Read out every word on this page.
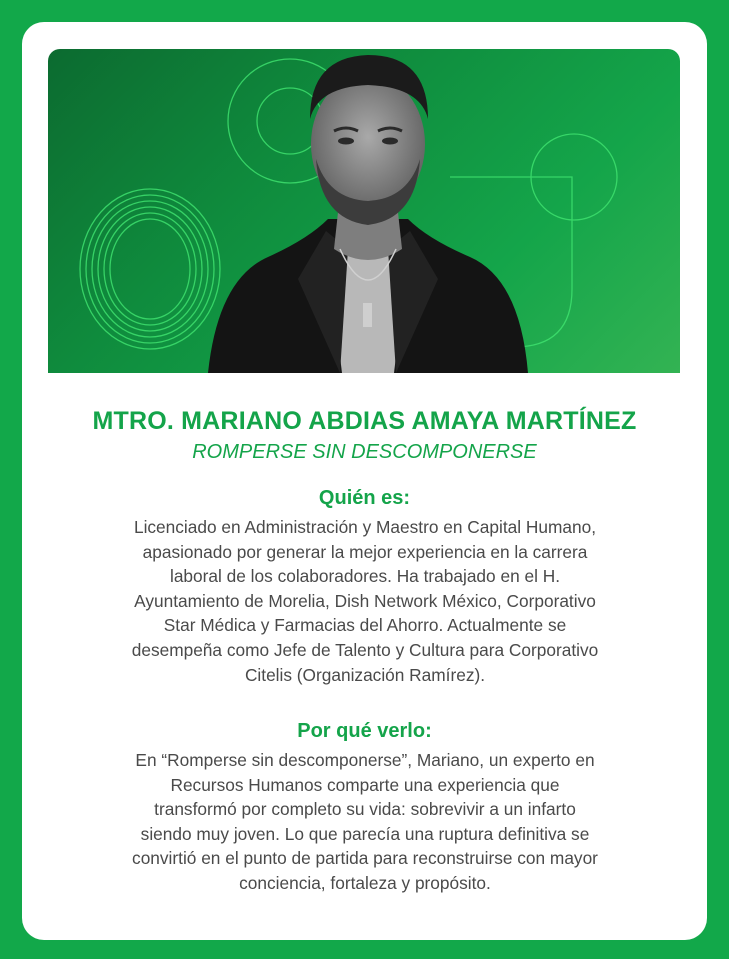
MTRO. MARIANO ABDIAS AMAYA MARTÍNEZ
ROMPERSE SIN DESCOMPONERSE
Quién es:
Licenciado en Administración y Maestro en Capital Humano,
apasionado por generar la mejor experiencia en la carrera
laboral de los colaboradores. Ha trabajado en el H.
Ayuntamiento de Morelia, Dish Network México, Corporativo
Star Médica y Farmacias del Ahorro. Actualmente se
desempeña como Jefe de Talento y Cultura para Corporativo
Citelis (Organización Ramírez).
Por qué verlo:
En “Romperse sin descomponerse”, Mariano, un experto en
Recursos Humanos comparte una experiencia que
transformó por completo su vida: sobrevivir a un infarto
siendo muy joven. Lo que parecía una ruptura definitiva se
convirtió en el punto de partida para reconstruirse con mayor
conciencia, fortaleza y propósito.
